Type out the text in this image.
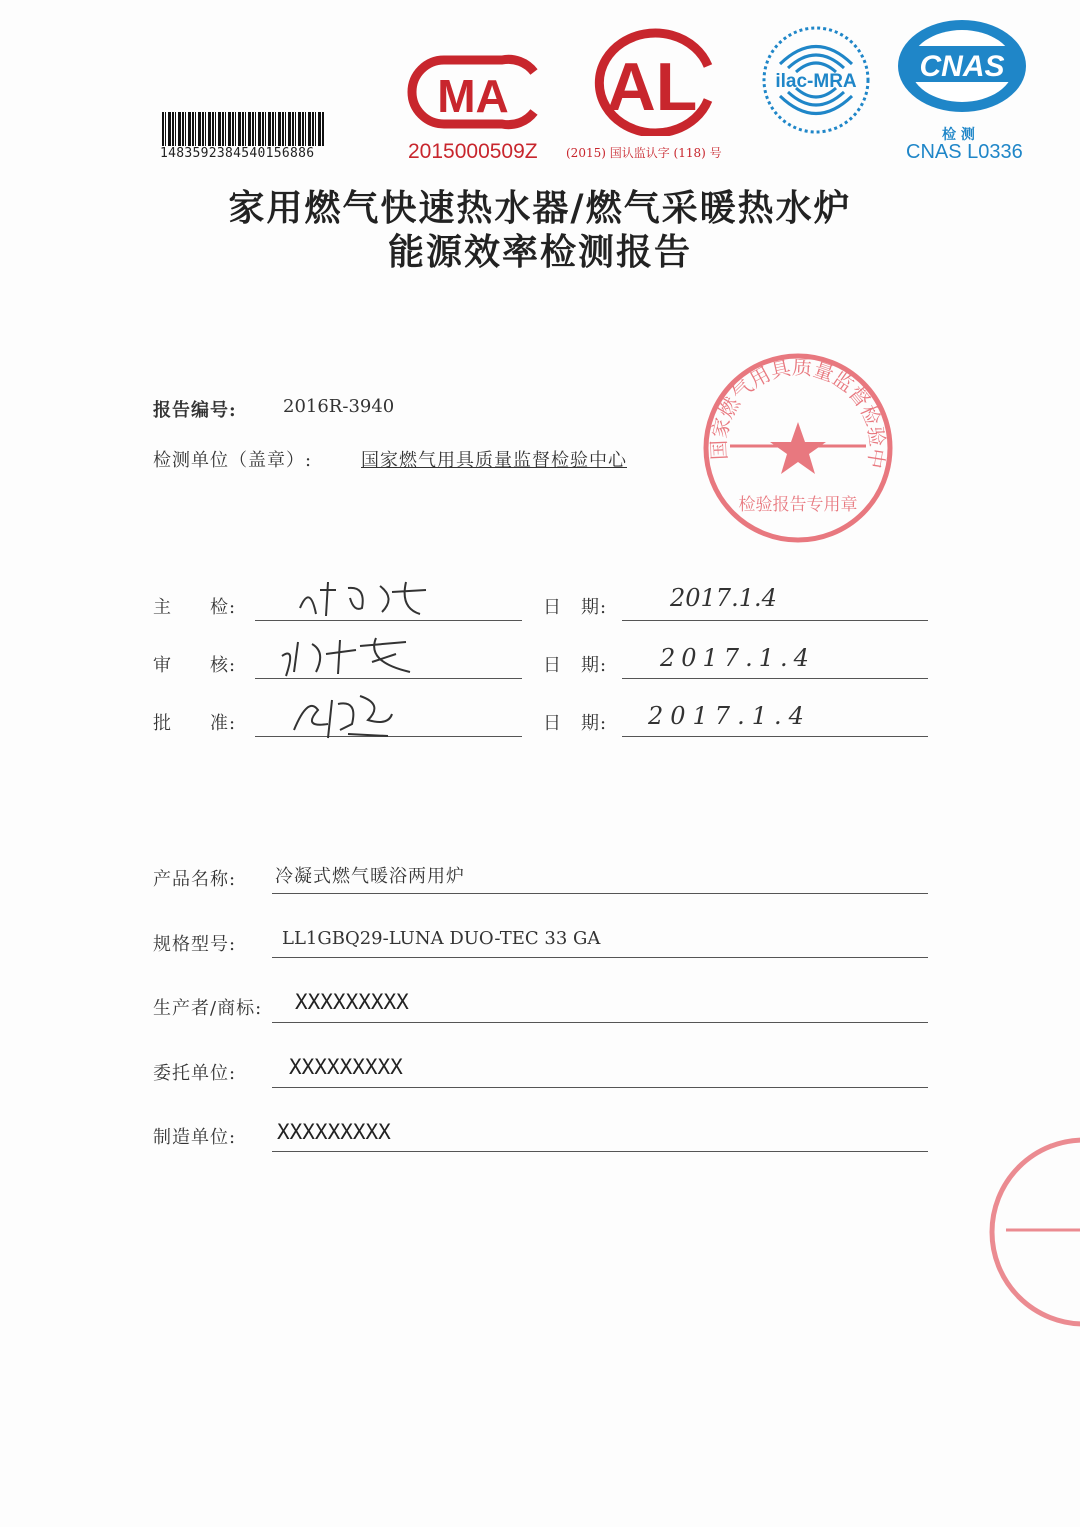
1483592384540156886
MA
2015000509Z
AL
(2015) 国认监认字 (118) 号
ilac-MRA CNAS
检 测
CNAS L0336
家用燃气快速热水器/燃气采暖热水炉
能源效率检测报告
报告编号:	2016R-3940
检测单位（盖章）:	国家燃气用具质量监督检验中心
国家燃气用具质量监督检验中
检验报告专用章
主　　检:	日　期:	2017.1.4
审　　核:	日　期: 2017.1.4
批　　准:	日　期: 2017.1.4
产品名称: 冷凝式燃气暖浴两用炉
规格型号:	LL1GBQ29-LUNA DUO-TEC 33 GA
生产者/商标: XXXXXXXXX
委托单位:	XXXXXXXXX
制造单位: XXXXXXXXX
